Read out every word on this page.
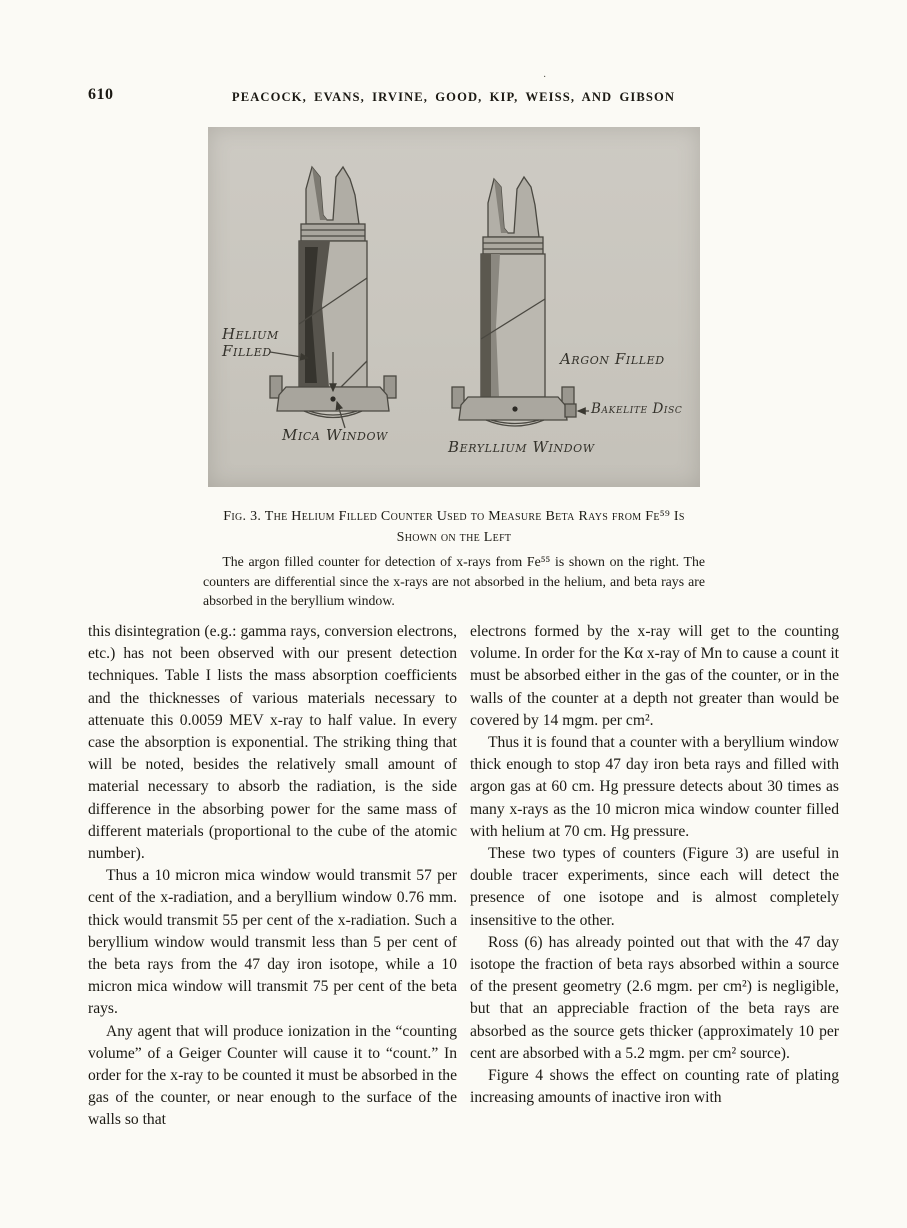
·
610	PEACOCK, EVANS, IRVINE, GOOD, KIP, WEISS, AND GIBSON
Helium
Filled	Argon Filled
Mica Window
Beryllium Window
Bakelite Disc
Fig. 3. The Helium Filled Counter Used to Measure Beta Rays from Fe⁵⁹ Is Shown on the Left
The argon filled counter for detection of x-rays from Fe⁵⁵ is shown on the right. The counters are differential since the x-rays are not absorbed in the helium, and beta rays are absorbed in the beryllium window.

this disintegration (e.g.: gamma rays, conversion electrons, etc.) has not been observed with our present detection techniques. Table I lists the mass absorption coefficients and the thicknesses of various materials necessary to attenuate this 0.0059 MEV x-ray to half value. In every case the absorption is exponential. The striking thing that will be noted, besides the relatively small amount of material necessary to absorb the radiation, is the side difference in the absorbing power for the same mass of different materials (proportional to the cube of the atomic number).

Thus a 10 micron mica window would transmit 57 per cent of the x-radiation, and a beryllium window 0.76 mm. thick would transmit 55 per cent of the x-radiation. Such a beryllium window would transmit less than 5 per cent of the beta rays from the 47 day iron isotope, while a 10 micron mica window will transmit 75 per cent of the beta rays.

Any agent that will produce ionization in the “counting volume” of a Geiger Counter will cause it to “count.” In order for the x-ray to be counted it must be absorbed in the gas of the counter, or near enough to the surface of the walls so that

electrons formed by the x-ray will get to the counting volume. In order for the Kα x-ray of Mn to cause a count it must be absorbed either in the gas of the counter, or in the walls of the counter at a depth not greater than would be covered by 14 mgm. per cm².

Thus it is found that a counter with a beryllium window thick enough to stop 47 day iron beta rays and filled with argon gas at 60 cm. Hg pressure detects about 30 times as many x-rays as the 10 micron mica window counter filled with helium at 70 cm. Hg pressure.

These two types of counters (Figure 3) are useful in double tracer experiments, since each will detect the presence of one isotope and is almost completely insensitive to the other.

Ross (6) has already pointed out that with the 47 day isotope the fraction of beta rays absorbed within a source of the present geometry (2.6 mgm. per cm²) is negligible, but that an appreciable fraction of the beta rays are absorbed as the source gets thicker (approximately 10 per cent are absorbed with a 5.2 mgm. per cm² source).

Figure 4 shows the effect on counting rate of plating increasing amounts of inactive iron with
